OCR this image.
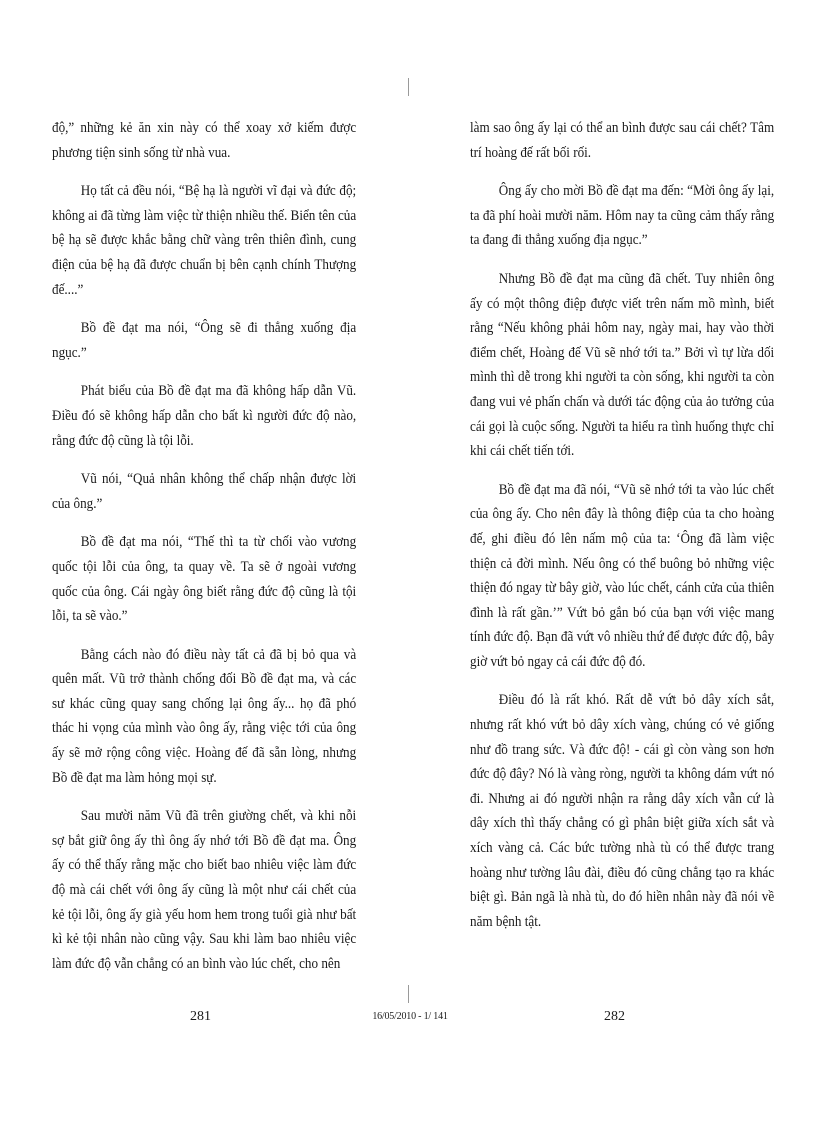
độ,” những kẻ ăn xin này có thể xoay xở kiếm được phương tiện sinh sống từ nhà vua.

Họ tất cả đều nói, “Bệ hạ là người vĩ đại và đức độ; không ai đã từng làm việc từ thiện nhiều thế. Biển tên của bệ hạ sẽ được khắc bằng chữ vàng trên thiên đình, cung điện của bệ hạ đã được chuẩn bị bên cạnh chính Thượng đế....”

Bồ đề đạt ma nói, “Ông sẽ đi thẳng xuống địa ngục.”

Phát biểu của Bồ đề đạt ma đã không hấp dẫn Vũ. Điều đó sẽ không hấp dẫn cho bất kì người đức độ nào, rằng đức độ cũng là tội lỗi.

Vũ nói, “Quả nhân không thể chấp nhận được lời của ông.”

Bồ đề đạt ma nói, “Thế thì ta từ chối vào vương quốc tội lỗi của ông, ta quay về. Ta sẽ ở ngoài vương quốc của ông. Cái ngày ông biết rằng đức độ cũng là tội lỗi, ta sẽ vào.”

Bằng cách nào đó điều này tất cả đã bị bỏ qua và quên mất. Vũ trở thành chống đối Bồ đề đạt ma, và các sư khác cũng quay sang chống lại ông ấy... họ đã phó thác hi vọng của mình vào ông ấy, rằng việc tới của ông ấy sẽ mở rộng công việc. Hoàng đế đã sẵn lòng, nhưng Bồ đề đạt ma làm hỏng mọi sự.

Sau mười năm Vũ đã trên giường chết, và khi nỗi sợ bắt giữ ông ấy thì ông ấy nhớ tới Bồ đề đạt ma. Ông ấy có thể thấy rằng mặc cho biết bao nhiêu việc làm đức độ mà cái chết với ông ấy cũng là một như cái chết của kẻ tội lỗi, ông ấy già yếu hom hem trong tuổi già như bất kì kẻ tội nhân nào cũng vậy. Sau khi làm bao nhiêu việc làm đức độ vẫn chẳng có an bình vào lúc chết, cho nên

làm sao ông ấy lại có thể an bình được sau cái chết? Tâm trí hoàng đế rất bối rối.

Ông ấy cho mời Bồ đề đạt ma đến: “Mời ông ấy lại, ta đã phí hoài mười năm. Hôm nay ta cũng cảm thấy rằng ta đang đi thẳng xuống địa ngục.”

Nhưng Bồ đề đạt ma cũng đã chết. Tuy nhiên ông ấy có một thông điệp được viết trên nấm mồ mình, biết rằng “Nếu không phải hôm nay, ngày mai, hay vào thời điểm chết, Hoàng đế Vũ sẽ nhớ tới ta.” Bởi vì tự lừa dối mình thì dễ trong khi người ta còn sống, khi người ta còn đang vui vẻ phấn chấn và dưới tác động của ảo tưởng của cái gọi là cuộc sống. Người ta hiểu ra tình huống thực chỉ khi cái chết tiến tới.

Bồ đề đạt ma đã nói, “Vũ sẽ nhớ tới ta vào lúc chết của ông ấy. Cho nên đây là thông điệp của ta cho hoàng đế, ghi điều đó lên nấm mộ của ta: ‘Ông đã làm việc thiện cả đời mình. Nếu ông có thể buông bỏ những việc thiện đó ngay từ bây giờ, vào lúc chết, cánh cửa của thiên đình là rất gần.’” Vứt bỏ gắn bó của bạn với việc mang tính đức độ. Bạn đã vứt vô nhiều thứ để được đức độ, bây giờ vứt bỏ ngay cả cái đức độ đó.

Điều đó là rất khó. Rất dễ vứt bỏ dây xích sắt, nhưng rất khó vứt bỏ dây xích vàng, chúng có vẻ giống như đồ trang sức. Và đức độ! - cái gì còn vàng son hơn đức độ đây? Nó là vàng ròng, người ta không dám vứt nó đi. Nhưng ai đó người nhận ra rằng dây xích vẫn cứ là dây xích thì thấy chẳng có gì phân biệt giữa xích sắt và xích vàng cả. Các bức tường nhà tù có thể được trang hoàng như tường lâu đài, điều đó cũng chẳng tạo ra khác biệt gì. Bản ngã là nhà tù, do đó hiền nhân này đã nói về năm bệnh tật.

281	16/05/2010 - 1/ 141	282
